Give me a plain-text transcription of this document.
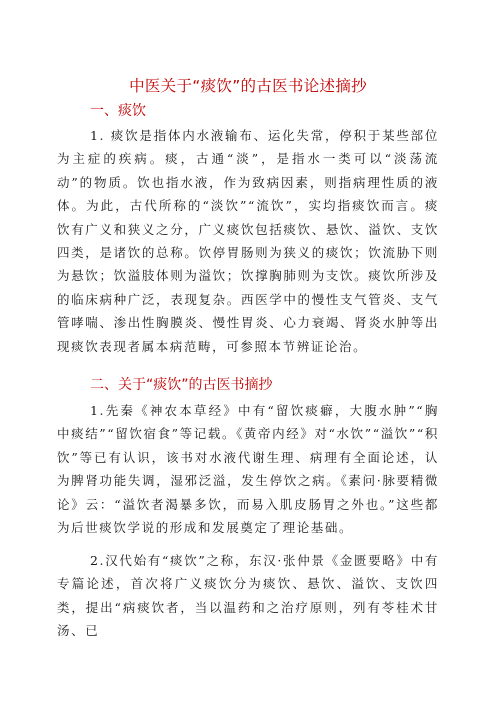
中医关于“痰饮”的古医书论述摘抄
一、痰饮

1. 痰饮是指体内水液输布、运化失常，停积于某些部位为主症的疾病。痰，古通“淡”，是指水一类可以“淡荡流动”的物质。饮也指水液，作为致病因素，则指病理性质的液体。为此，古代所称的“淡饮”“流饮”，实均指痰饮而言。痰饮有广义和狭义之分，广义痰饮包括痰饮、悬饮、溢饮、支饮四类，是诸饮的总称。饮停胃肠则为狭义的痰饮；饮流胁下则为悬饮；饮溢肢体则为溢饮；饮撑胸肺则为支饮。痰饮所涉及的临床病种广泛，表现复杂。西医学中的慢性支气管炎、支气管哮喘、渗出性胸膜炎、慢性胃炎、心力衰竭、肾炎水肿等出现痰饮表现者属本病范畴，可参照本节辨证论治。

二、关于“痰饮”的古医书摘抄

1.先秦《神农本草经》中有“留饮痰癖，大腹水肿”“胸中痰结”“留饮宿食”等记载。《黄帝内经》对“水饮”“溢饮”“积饮”等已有认识，该书对水液代谢生理、病理有全面论述，认为脾肾功能失调，湿邪泛溢，发生停饮之病。《素问·脉要精微论》云：“溢饮者渴暴多饮，而易入肌皮肠胃之外也。”这些都为后世痰饮学说的形成和发展奠定了理论基础。

2.汉代始有“痰饮”之称，东汉·张仲景《金匮要略》中有专篇论述，首次将广义痰饮分为痰饮、悬饮、溢饮、支饮四类，提出“病痰饮者，当以温药和之治疗原则，列有苓桂术甘汤、已
